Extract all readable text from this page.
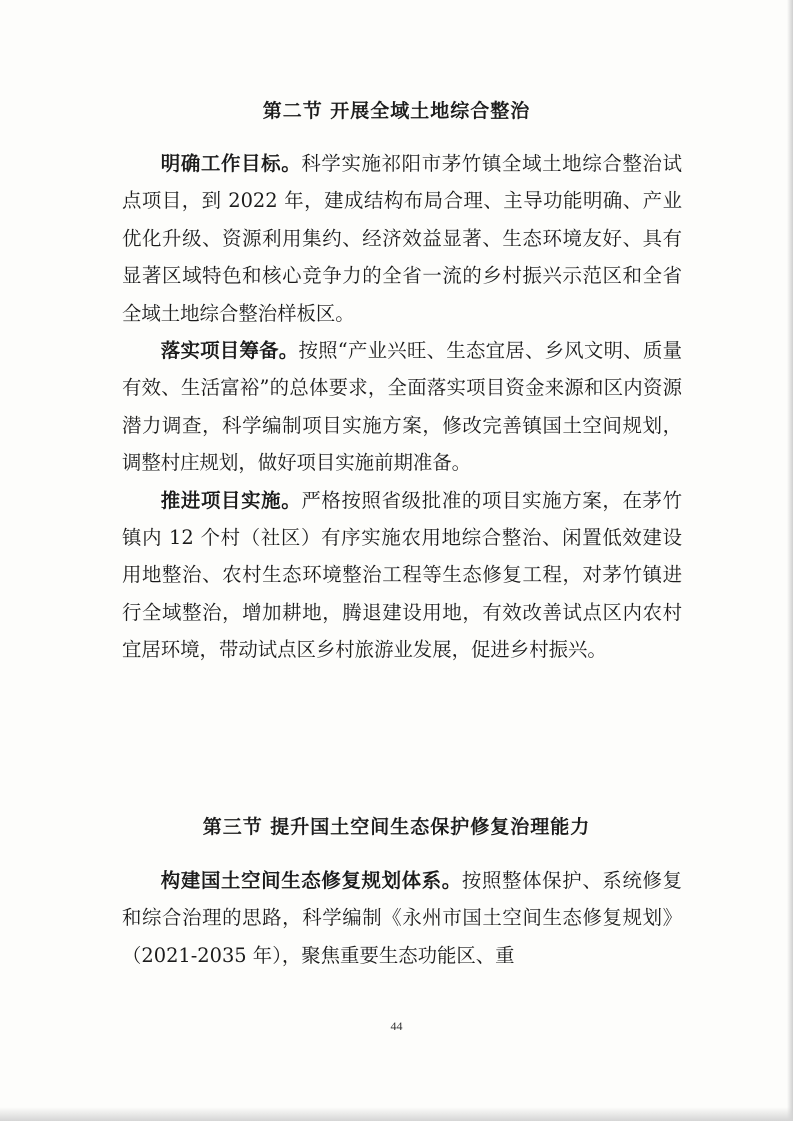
第二节 开展全域土地综合整治

明确工作目标。科学实施祁阳市茅竹镇全域土地综合整治试点项目，到 2022 年，建成结构布局合理、主导功能明确、产业优化升级、资源利用集约、经济效益显著、生态环境友好、具有显著区域特色和核心竞争力的全省一流的乡村振兴示范区和全省全域土地综合整治样板区。

落实项目筹备。按照“产业兴旺、生态宜居、乡风文明、质量有效、生活富裕”的总体要求，全面落实项目资金来源和区内资源潜力调查，科学编制项目实施方案，修改完善镇国土空间规划，调整村庄规划，做好项目实施前期准备。

推进项目实施。严格按照省级批准的项目实施方案，在茅竹镇内 12 个村（社区）有序实施农用地综合整治、闲置低效建设用地整治、农村生态环境整治工程等生态修复工程，对茅竹镇进行全域整治，增加耕地，腾退建设用地，有效改善试点区内农村宜居环境，带动试点区乡村旅游业发展，促进乡村振兴。

第三节 提升国土空间生态保护修复治理能力

构建国土空间生态修复规划体系。按照整体保护、系统修复和综合治理的思路，科学编制《永州市国土空间生态修复规划》（2021-2035 年），聚焦重要生态功能区、重

44
